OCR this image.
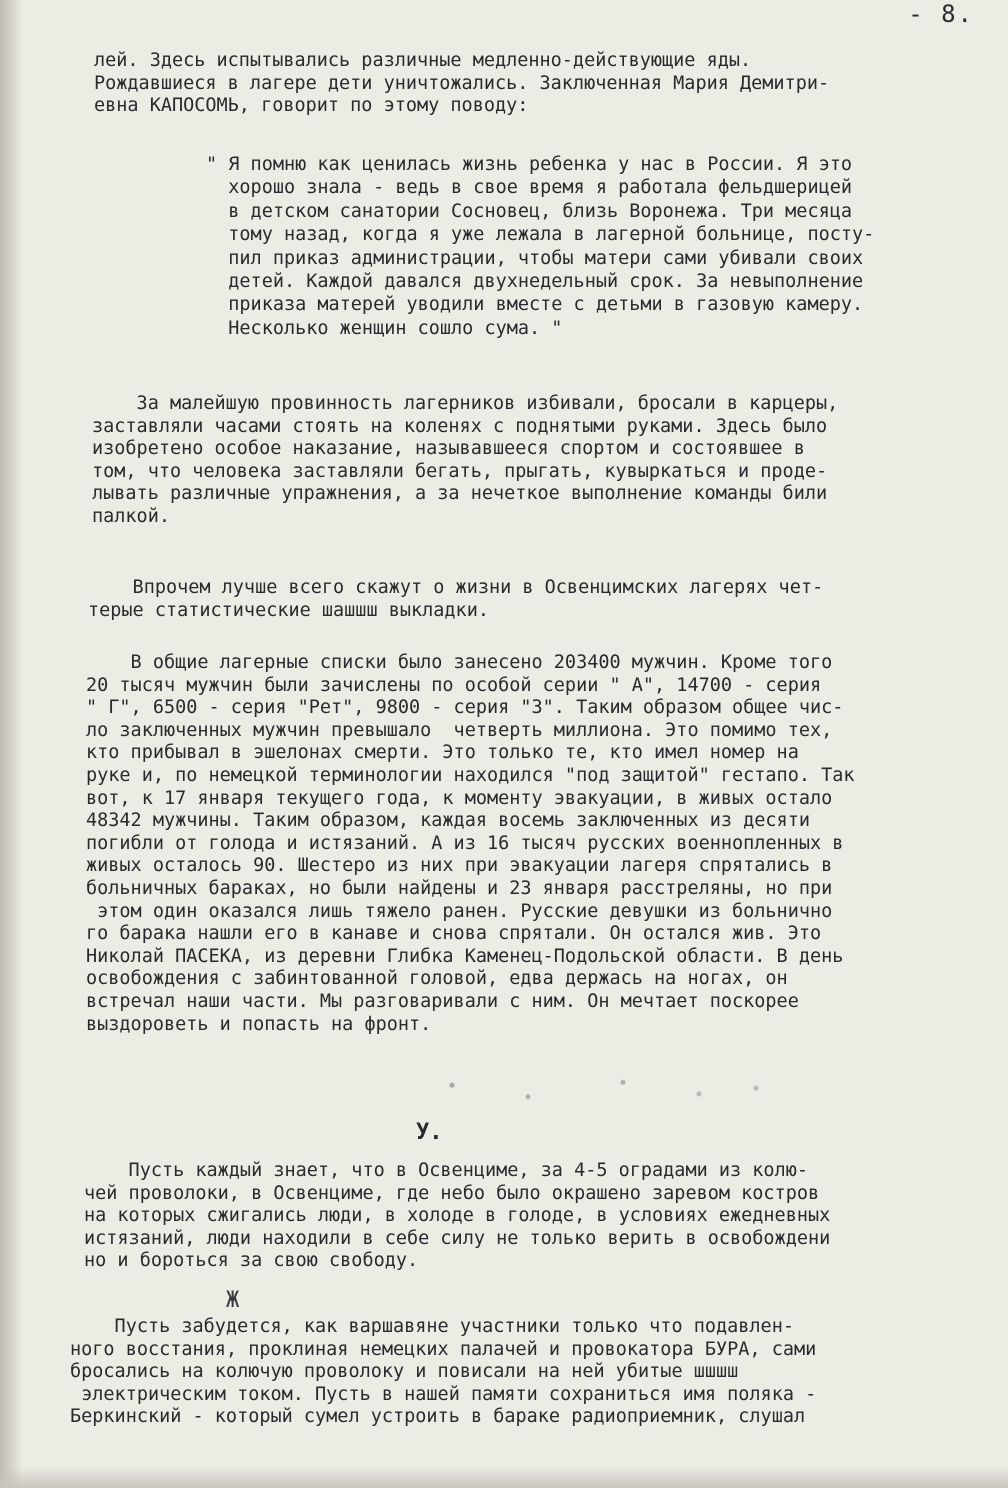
- 8.
лей. Здесь испытывались различные медленно-действующие яды.
Рождавшиеся в лагере дети уничтожались. Заключенная Мария Демитри-
евна КАПОСОМЬ, говорит по этому поводу:
" Я помню как ценилась жизнь ребенка у нас в России. Я это
хорошо знала - ведь в свое время я работала фельдшерицей
в детском санатории Сосновец, близь Воронежа. Три месяца
тому назад, когда я уже лежала в лагерной больнице, посту-
пил приказ администрации, чтобы матери сами убивали своих
детей. Каждой давался двухнедельный срок. За невыполнение
приказа матерей уводили вместе с детьми в газовую камеру.
Несколько женщин сошло сума. "
За малейшую провинность лагерников избивали, бросали в карцеры,
заставляли часами стоять на коленях с поднятыми руками. Здесь было
изобретено особое наказание, называвшееся спортом и состоявшее в
том, что человека заставляли бегать, прыгать, кувыркаться и проде-
лывать различные упражнения, а за нечеткое выполнение команды били
палкой.
Впрочем лучше всего скажут о жизни в Освенцимских лагерях чет-
терые статистические шашшш выкладки.
В общие лагерные списки было занесено 203400 мужчин. Кроме того
20 тысяч мужчин были зачислены по особой серии " А", 14700 - серия
" Г", 6500 - серия "Рет", 9800 - серия "З". Таким образом общее чис-
ло заключенных мужчин превышало  четверть миллиона. Это помимо тех,
кто прибывал в эшелонах смерти. Это только те, кто имел номер на
руке и, по немецкой терминологии находился "под защитой" гестапо. Так
вот, к 17 января текущего года, к моменту эвакуации, в живых остало
48342 мужчины. Таким образом, каждая восемь заключенных из десяти
погибли от голода и истязаний. А из 16 тысяч русских военнопленных в
живых осталось 90. Шестеро из них при эвакуации лагеря спрятались в
больничных бараках, но были найдены и 23 января расстреляны, но при
этом один оказался лишь тяжело ранен. Русские девушки из больнично
го барака нашли его в канаве и снова спрятали. Он остался жив. Это
Николай ПАСЕКА, из деревни Глибка Каменец-Подольской области. В день
освобождения с забинтованной головой, едва держась на ногах, он
встречал наши части. Мы разговаривали с ним. Он мечтает поскорее
выздороветь и попасть на фронт.
У.
Пусть каждый знает, что в Освенциме, за 4-5 оградами из колю-
чей проволоки, в Освенциме, где небо было окрашено заревом костров
на которых сжигались люди, в холоде в голоде, в условиях ежедневных
истязаний, люди находили в себе силу не только верить в освобождени
но и бороться за свою свободу.
Ж
Пусть забудется, как варшавяне участники только что подавлен-
ного восстания, проклиная немецких палачей и провокатора БУРА, сами
бросались на колючую проволоку и повисали на ней убитые шшшш
электрическим током. Пусть в нашей памяти сохраниться имя поляка -
Беркинский - который сумел устроить в бараке радиоприемник, слушал
